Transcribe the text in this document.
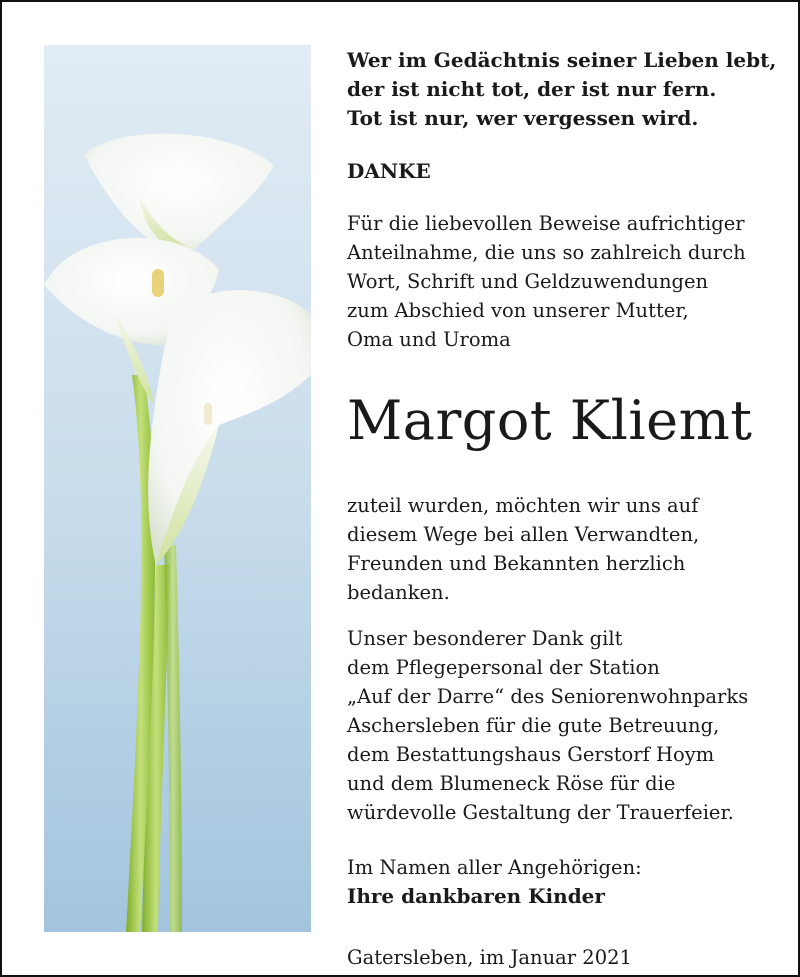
Wer im Gedächtnis seiner Lieben lebt,
der ist nicht tot, der ist nur fern.
Tot ist nur, wer vergessen wird.

DANKE

Für die liebevollen Beweise aufrichtiger
Anteilnahme, die uns so zahlreich durch
Wort, Schrift und Geldzuwendungen
zum Abschied von unserer Mutter,
Oma und Uroma

Margot Kliemt

zuteil wurden, möchten wir uns auf
diesem Wege bei allen Verwandten,
Freunden und Bekannten herzlich
bedanken.

Unser besonderer Dank gilt
dem Pflegepersonal der Station
„Auf der Darre“ des Seniorenwohnparks
Aschersleben für die gute Betreuung,
dem Bestattungshaus Gerstorf Hoym
und dem Blumeneck Röse für die
würdevolle Gestaltung der Trauerfeier.

Im Namen aller Angehörigen:

Ihre dankbaren Kinder

Gatersleben, im Januar 2021
